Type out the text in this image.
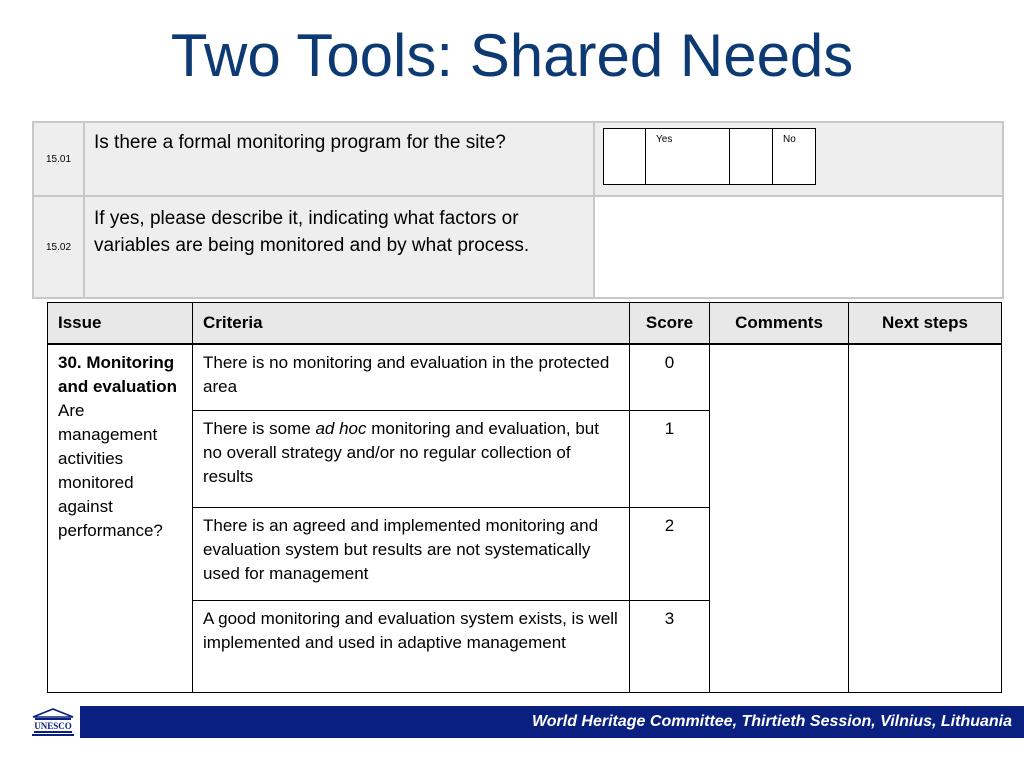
Two Tools: Shared Needs
15.01	Is there a formal monitoring program for the site?	Yes No

15.02	If yes, please describe it, indicating what factors or variables are being monitored and by what process.	
Issue	Criteria	Score	Comments	Next steps

30. Monitoring and evaluation
Are management activities monitored against performance?	There is no monitoring and evaluation in the protected area	0		
	There is some ad hoc monitoring and evaluation, but no overall strategy and/or no regular collection of results	1		
	There is an agreed and implemented monitoring and evaluation system but results are not systematically used for management	2		
	A good monitoring and evaluation system exists, is well implemented and used in adaptive management	3		
UNESCO	World Heritage Committee, Thirtieth Session, Vilnius, Lithuania
